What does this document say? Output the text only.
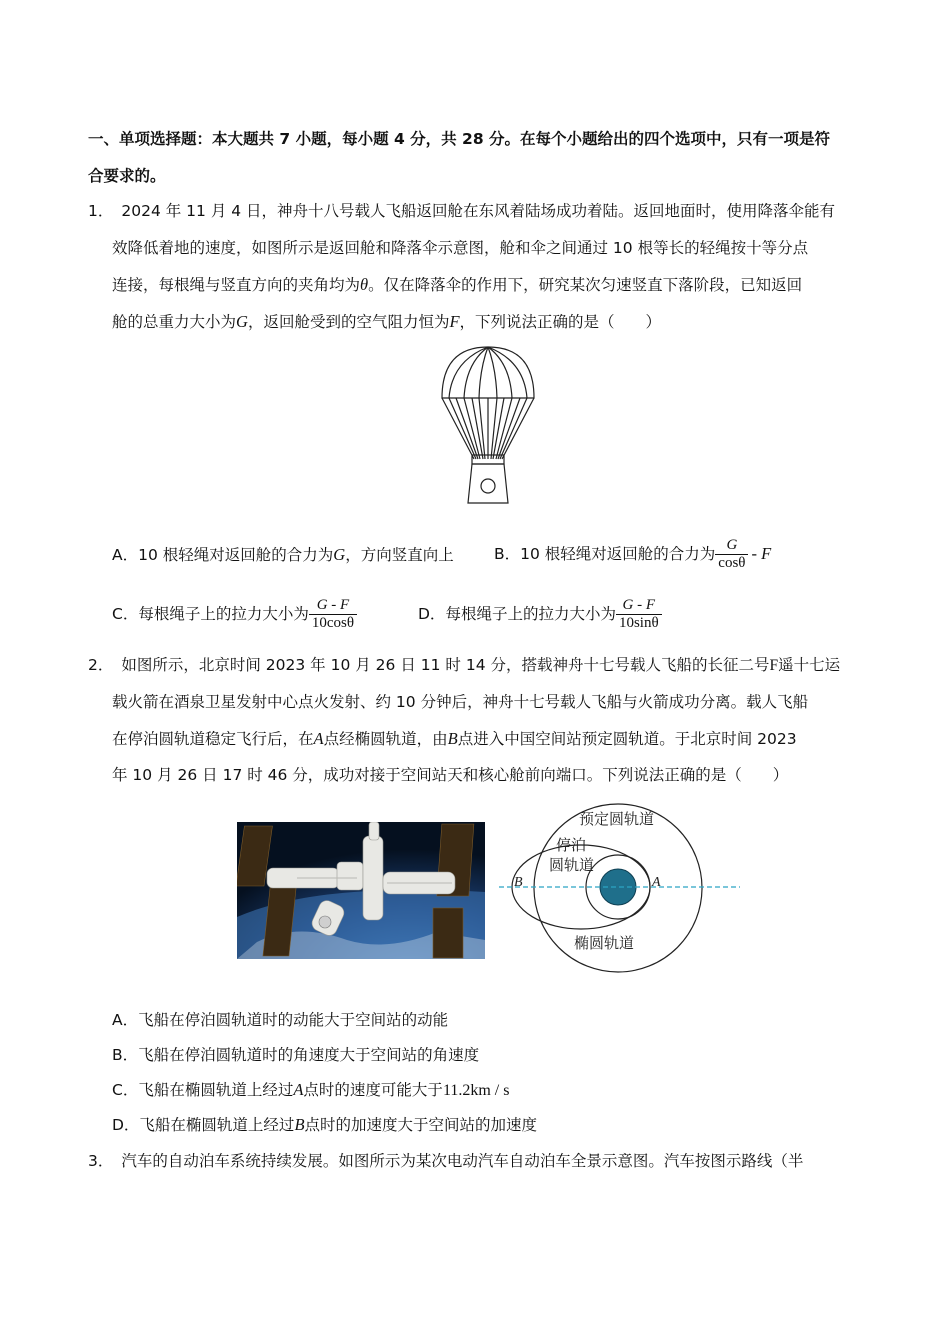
一、单项选择题：本大题共 7 小题，每小题 4 分，共 28 分。在每个小题给出的四个选项中，只有一项是符
合要求的。
1． 2024 年 11 月 4 日，神舟十八号载人飞船返回舱在东风着陆场成功着陆。返回地面时，使用降落伞能有
效降低着地的速度，如图所示是返回舱和降落伞示意图，舱和伞之间通过 10 根等长的轻绳按十等分点
连接，每根绳与竖直方向的夹角均为θ。仅在降落伞的作用下，研究某次匀速竖直下落阶段，已知返回
舱的总重力大小为G，返回舱受到的空气阻力恒为F，下列说法正确的是（　　）
A．10 根轻绳对返回舱的合力为G，方向竖直向上	B．10 根轻绳对返回舱的合力为 $\frac{G}{\cos\theta}$ - F
C．每根绳子上的拉力大小为 $\frac{G - F}{10\cos\theta}$	D．每根绳子上的拉力大小为 $\frac{G - F}{10\sin\theta}$
2． 如图所示，北京时间 2023 年 10 月 26 日 11 时 14 分，搭载神舟十七号载人飞船的长征二号F遥十七运
载火箭在酒泉卫星发射中心点火发射、约 10 分钟后，神舟十七号载人飞船与火箭成功分离。载人飞船
在停泊圆轨道稳定飞行后，在A点经椭圆轨道，由B点进入中国空间站预定圆轨道。于北京时间 2023
年 10 月 26 日 17 时 46 分，成功对接于空间站天和核心舱前向端口。下列说法正确的是（　　）
预定圆轨道
停泊
圆轨道
椭圆轨道
A
B
A．飞船在停泊圆轨道时的动能大于空间站的动能
B．飞船在停泊圆轨道时的角速度大于空间站的角速度
C．飞船在椭圆轨道上经过A点时的速度可能大于11.2km / s
D．飞船在椭圆轨道上经过B点时的加速度大于空间站的加速度
3． 汽车的自动泊车系统持续发展。如图所示为某次电动汽车自动泊车全景示意图。汽车按图示路线（半
